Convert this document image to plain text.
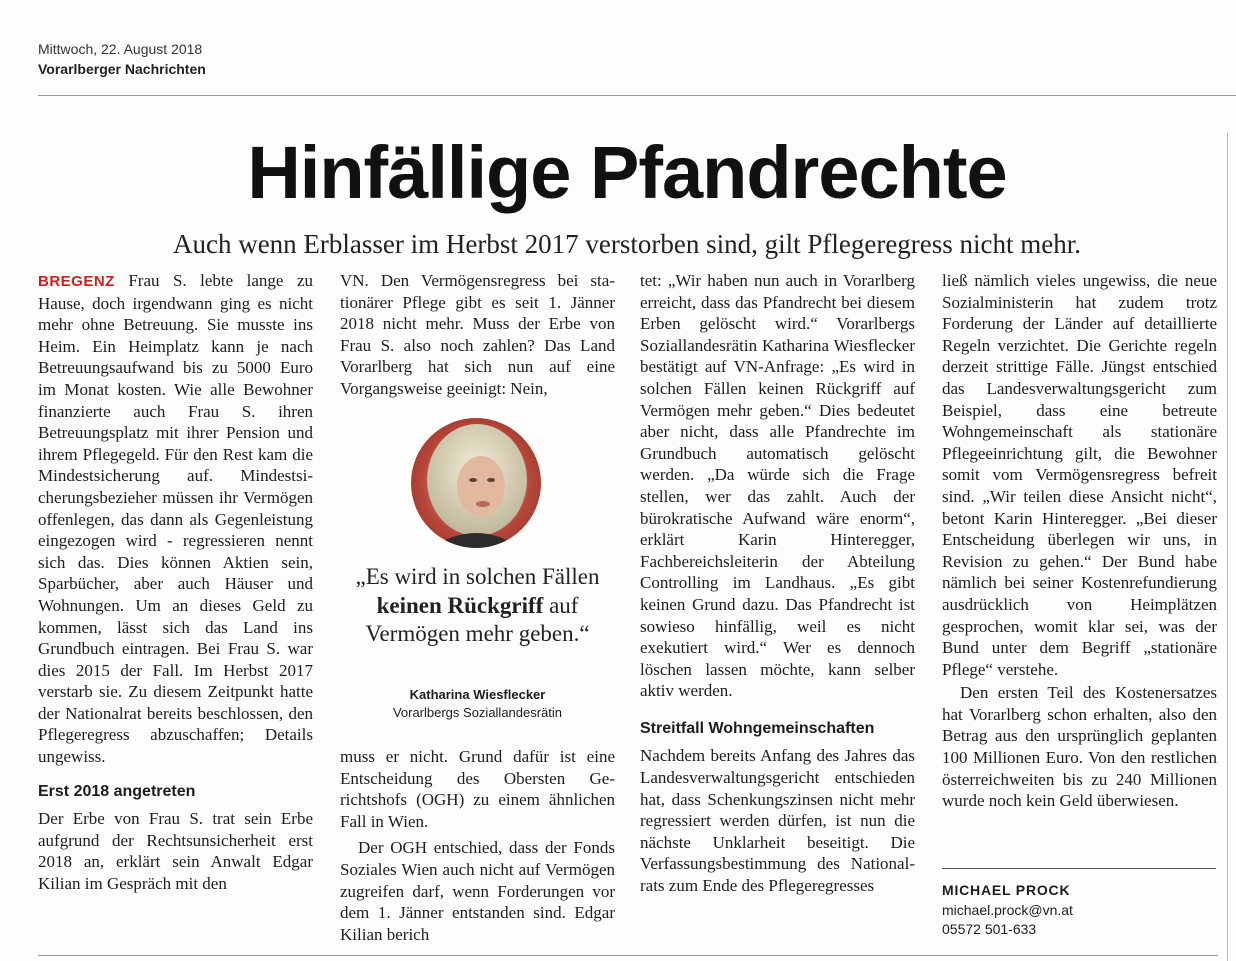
Mittwoch, 22. August 2018
Vorarlberger Nachrichten
Hinfällige Pfandrechte
Auch wenn Erblasser im Herbst 2017 verstorben sind, gilt Pflegeregress nicht mehr.

BREGENZ Frau S. lebte lange zu Hause, doch irgendwann ging es nicht mehr ohne Betreuung. Sie musste ins Heim. Ein Heimplatz kann je nach Betreuungsaufwand bis zu 5000 Euro im Monat kosten. Wie alle Bewohner finanzierte auch Frau S. ihren Betreuungsplatz mit ihrer Pension und ihrem Pflegegeld. Für den Rest kam die Mindestsicherung auf. Mindestsicherungsbezieher müssen ihr Vermögen offenlegen, das dann als Gegenleistung eingezogen wird - regressieren nennt sich das. Dies können Aktien sein, Sparbücher, aber auch Häuser und Wohnungen. Um an dieses Geld zu kommen, lässt sich das Land ins Grundbuch eintragen. Bei Frau S. war dies 2015 der Fall. Im Herbst 2017 verstarb sie. Zu diesem Zeitpunkt hatte der Nationalrat bereits beschlossen, den Pflegeregress abzuschaffen; Details ungewiss.

Erst 2018 angetreten

Der Erbe von Frau S. trat sein Erbe aufgrund der Rechtsunsicherheit erst 2018 an, erklärt sein Anwalt Edgar Kilian im Gespräch mit den

VN. Den Vermögensregress bei stationärer Pflege gibt es seit 1. Jänner 2018 nicht mehr. Muss der Erbe von Frau S. also noch zahlen? Das Land Vorarlberg hat sich nun auf eine Vorgangsweise geeinigt: Nein,

„Es wird in solchen Fällen keinen Rückgriff auf Vermögen mehr geben.“
Katharina Wiesflecker
Vorarlbergs Soziallandesrätin

muss er nicht. Grund dafür ist eine Entscheidung des Obersten Gerichtshofs (OGH) zu einem ähnlichen Fall in Wien.

Der OGH entschied, dass der Fonds Soziales Wien auch nicht auf Vermögen zugreifen darf, wenn Forderungen vor dem 1. Jänner entstanden sind. Edgar Kilian berich

tet: „Wir haben nun auch in Vorarlberg erreicht, dass das Pfandrecht bei diesem Erben gelöscht wird.“ Vorarlbergs Soziallandesrätin Katharina Wiesflecker bestätigt auf VN-Anfrage: „Es wird in solchen Fällen keinen Rückgriff auf Vermögen mehr geben.“ Dies bedeutet aber nicht, dass alle Pfandrechte im Grundbuch automatisch gelöscht werden. „Da würde sich die Frage stellen, wer das zahlt. Auch der bürokratische Aufwand wäre enorm“, erklärt Karin Hinteregger, Fachbereichsleiterin der Abteilung Controlling im Landhaus. „Es gibt keinen Grund dazu. Das Pfandrecht ist sowieso hinfällig, weil es nicht exekutiert wird.“ Wer es dennoch löschen lassen möchte, kann selber aktiv werden.

Streitfall Wohngemeinschaften

Nachdem bereits Anfang des Jahres das Landesverwaltungsgericht entschieden hat, dass Schenkungszinsen nicht mehr regressiert werden dürfen, ist nun die nächste Unklarheit beseitigt. Die Verfassungsbestimmung des Nationalrats zum Ende des Pflegeregresses

ließ nämlich vieles ungewiss, die neue Sozialministerin hat zudem trotz Forderung der Länder auf detaillierte Regeln verzichtet. Die Gerichte regeln derzeit strittige Fälle. Jüngst entschied das Landesverwaltungsgericht zum Beispiel, dass eine betreute Wohngemeinschaft als stationäre Pflegeeinrichtung gilt, die Bewohner somit vom Vermögensregress befreit sind. „Wir teilen diese Ansicht nicht“, betont Karin Hinteregger. „Bei dieser Entscheidung überlegen wir uns, in Revision zu gehen.“ Der Bund habe nämlich bei seiner Kostenrefundierung ausdrücklich von Heimplätzen gesprochen, womit klar sei, was der Bund unter dem Begriff „stationäre Pflege“ verstehe.

Den ersten Teil des Kostenersatzes hat Vorarlberg schon erhalten, also den Betrag aus den ursprünglich geplanten 100 Millionen Euro. Von den restlichen österreichweiten bis zu 240 Millionen wurde noch kein Geld überwiesen.

MICHAEL PROCK
michael.prock@vn.at
05572 501-633
